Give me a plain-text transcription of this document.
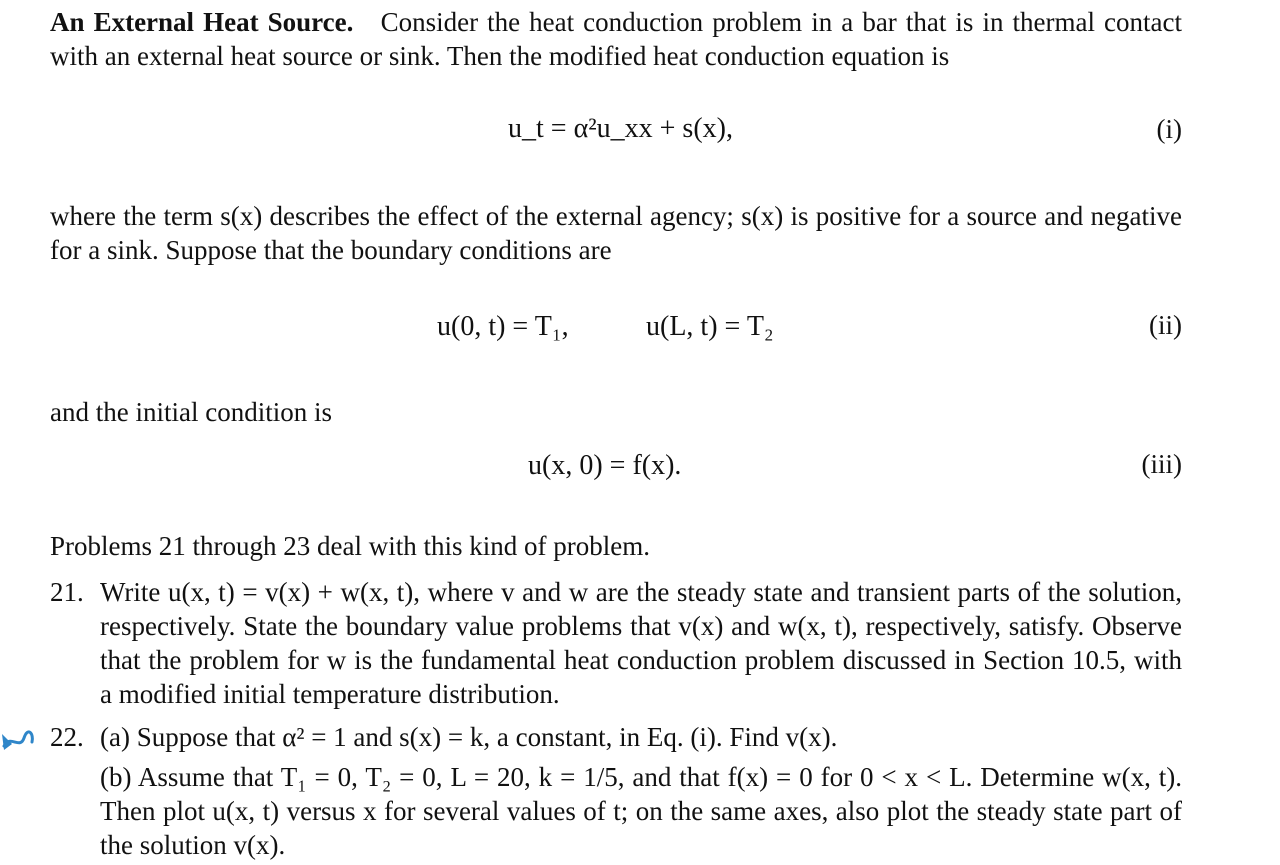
An External Heat Source. Consider the heat conduction problem in a bar that is in thermal contact with an external heat source or sink. Then the modified heat conduction equation is
u_t = α²u_xx + s(x),	(i)
where the term s(x) describes the effect of the external agency; s(x) is positive for a source and negative for a sink. Suppose that the boundary conditions are
u(0, t) = T₁,	u(L, t) = T₂	(ii)
and the initial condition is
u(x, 0) = f(x).	(iii)
Problems 21 through 23 deal with this kind of problem.
21. Write u(x, t) = v(x) + w(x, t), where v and w are the steady state and transient parts of the solution, respectively. State the boundary value problems that v(x) and w(x, t), respectively, satisfy. Observe that the problem for w is the fundamental heat conduction problem discussed in Section 10.5, with a modified initial temperature distribution.
22. (a) Suppose that α² = 1 and s(x) = k, a constant, in Eq. (i). Find v(x).
(b) Assume that T₁ = 0, T₂ = 0, L = 20, k = 1/5, and that f(x) = 0 for 0 < x < L. Determine w(x, t). Then plot u(x, t) versus x for several values of t; on the same axes, also plot the steady state part of the solution v(x).
